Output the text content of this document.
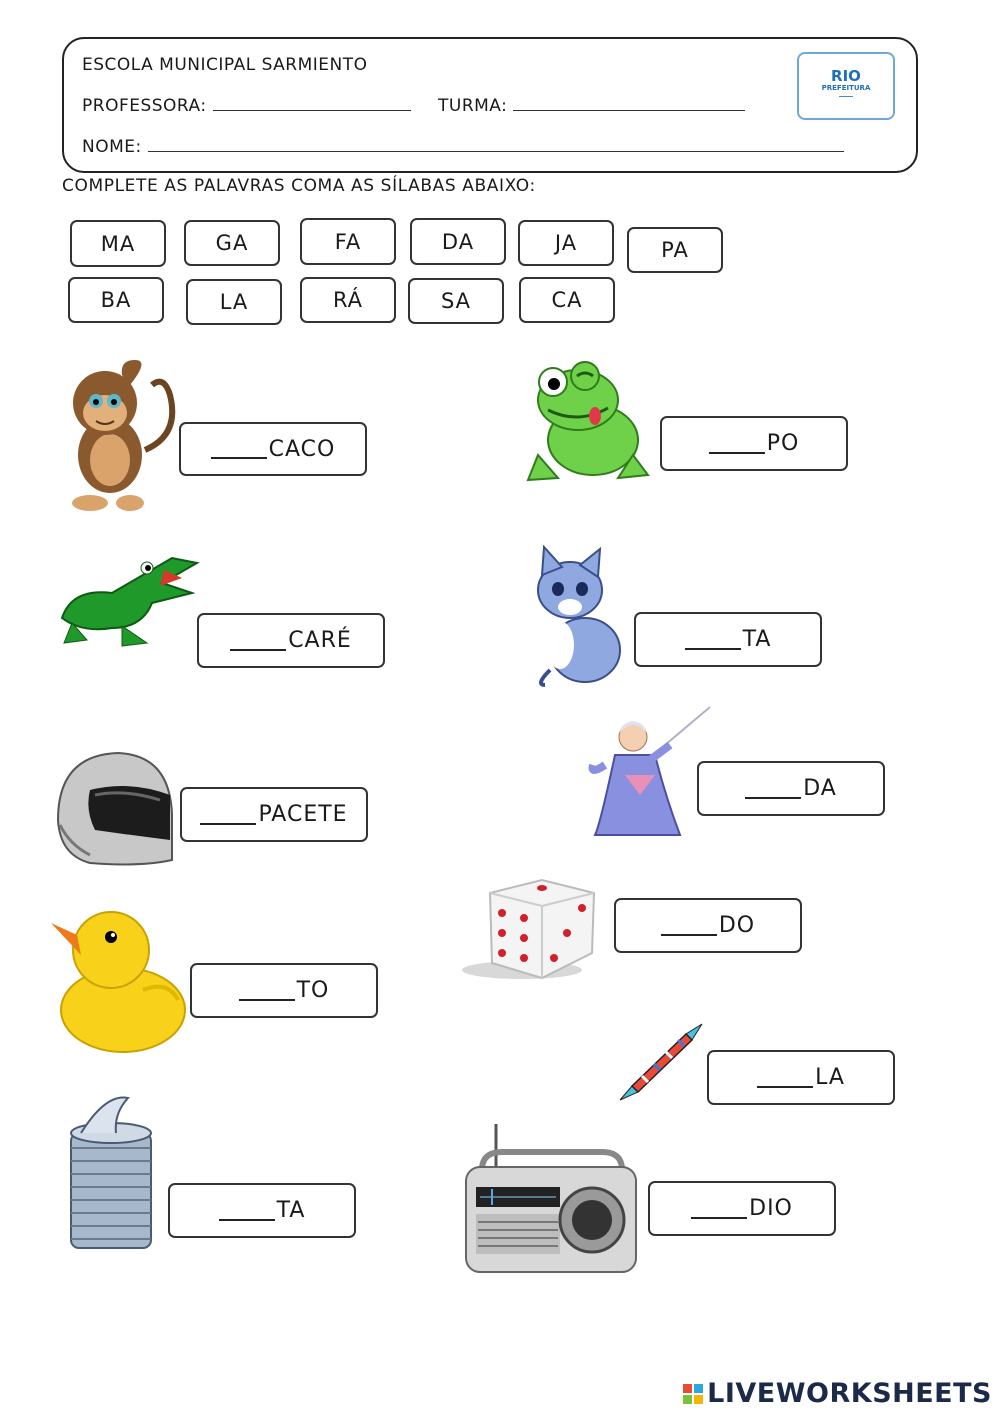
ESCOLA MUNICIPAL SARMIENTO
PROFESSORA:	TURMA:
NOME:
RIO
PREFEITURA

COMPLETE AS PALAVRAS COMA AS SÍLABAS ABAIXO:
MA	GA	FA	DA	JA	PA
BA	LA	RÁ	SA	CA
CACO	PO
CARÉ	TA
PACETE
DA
DO
TO
LA
TA	DIO
LIVEWORKSHEETS
